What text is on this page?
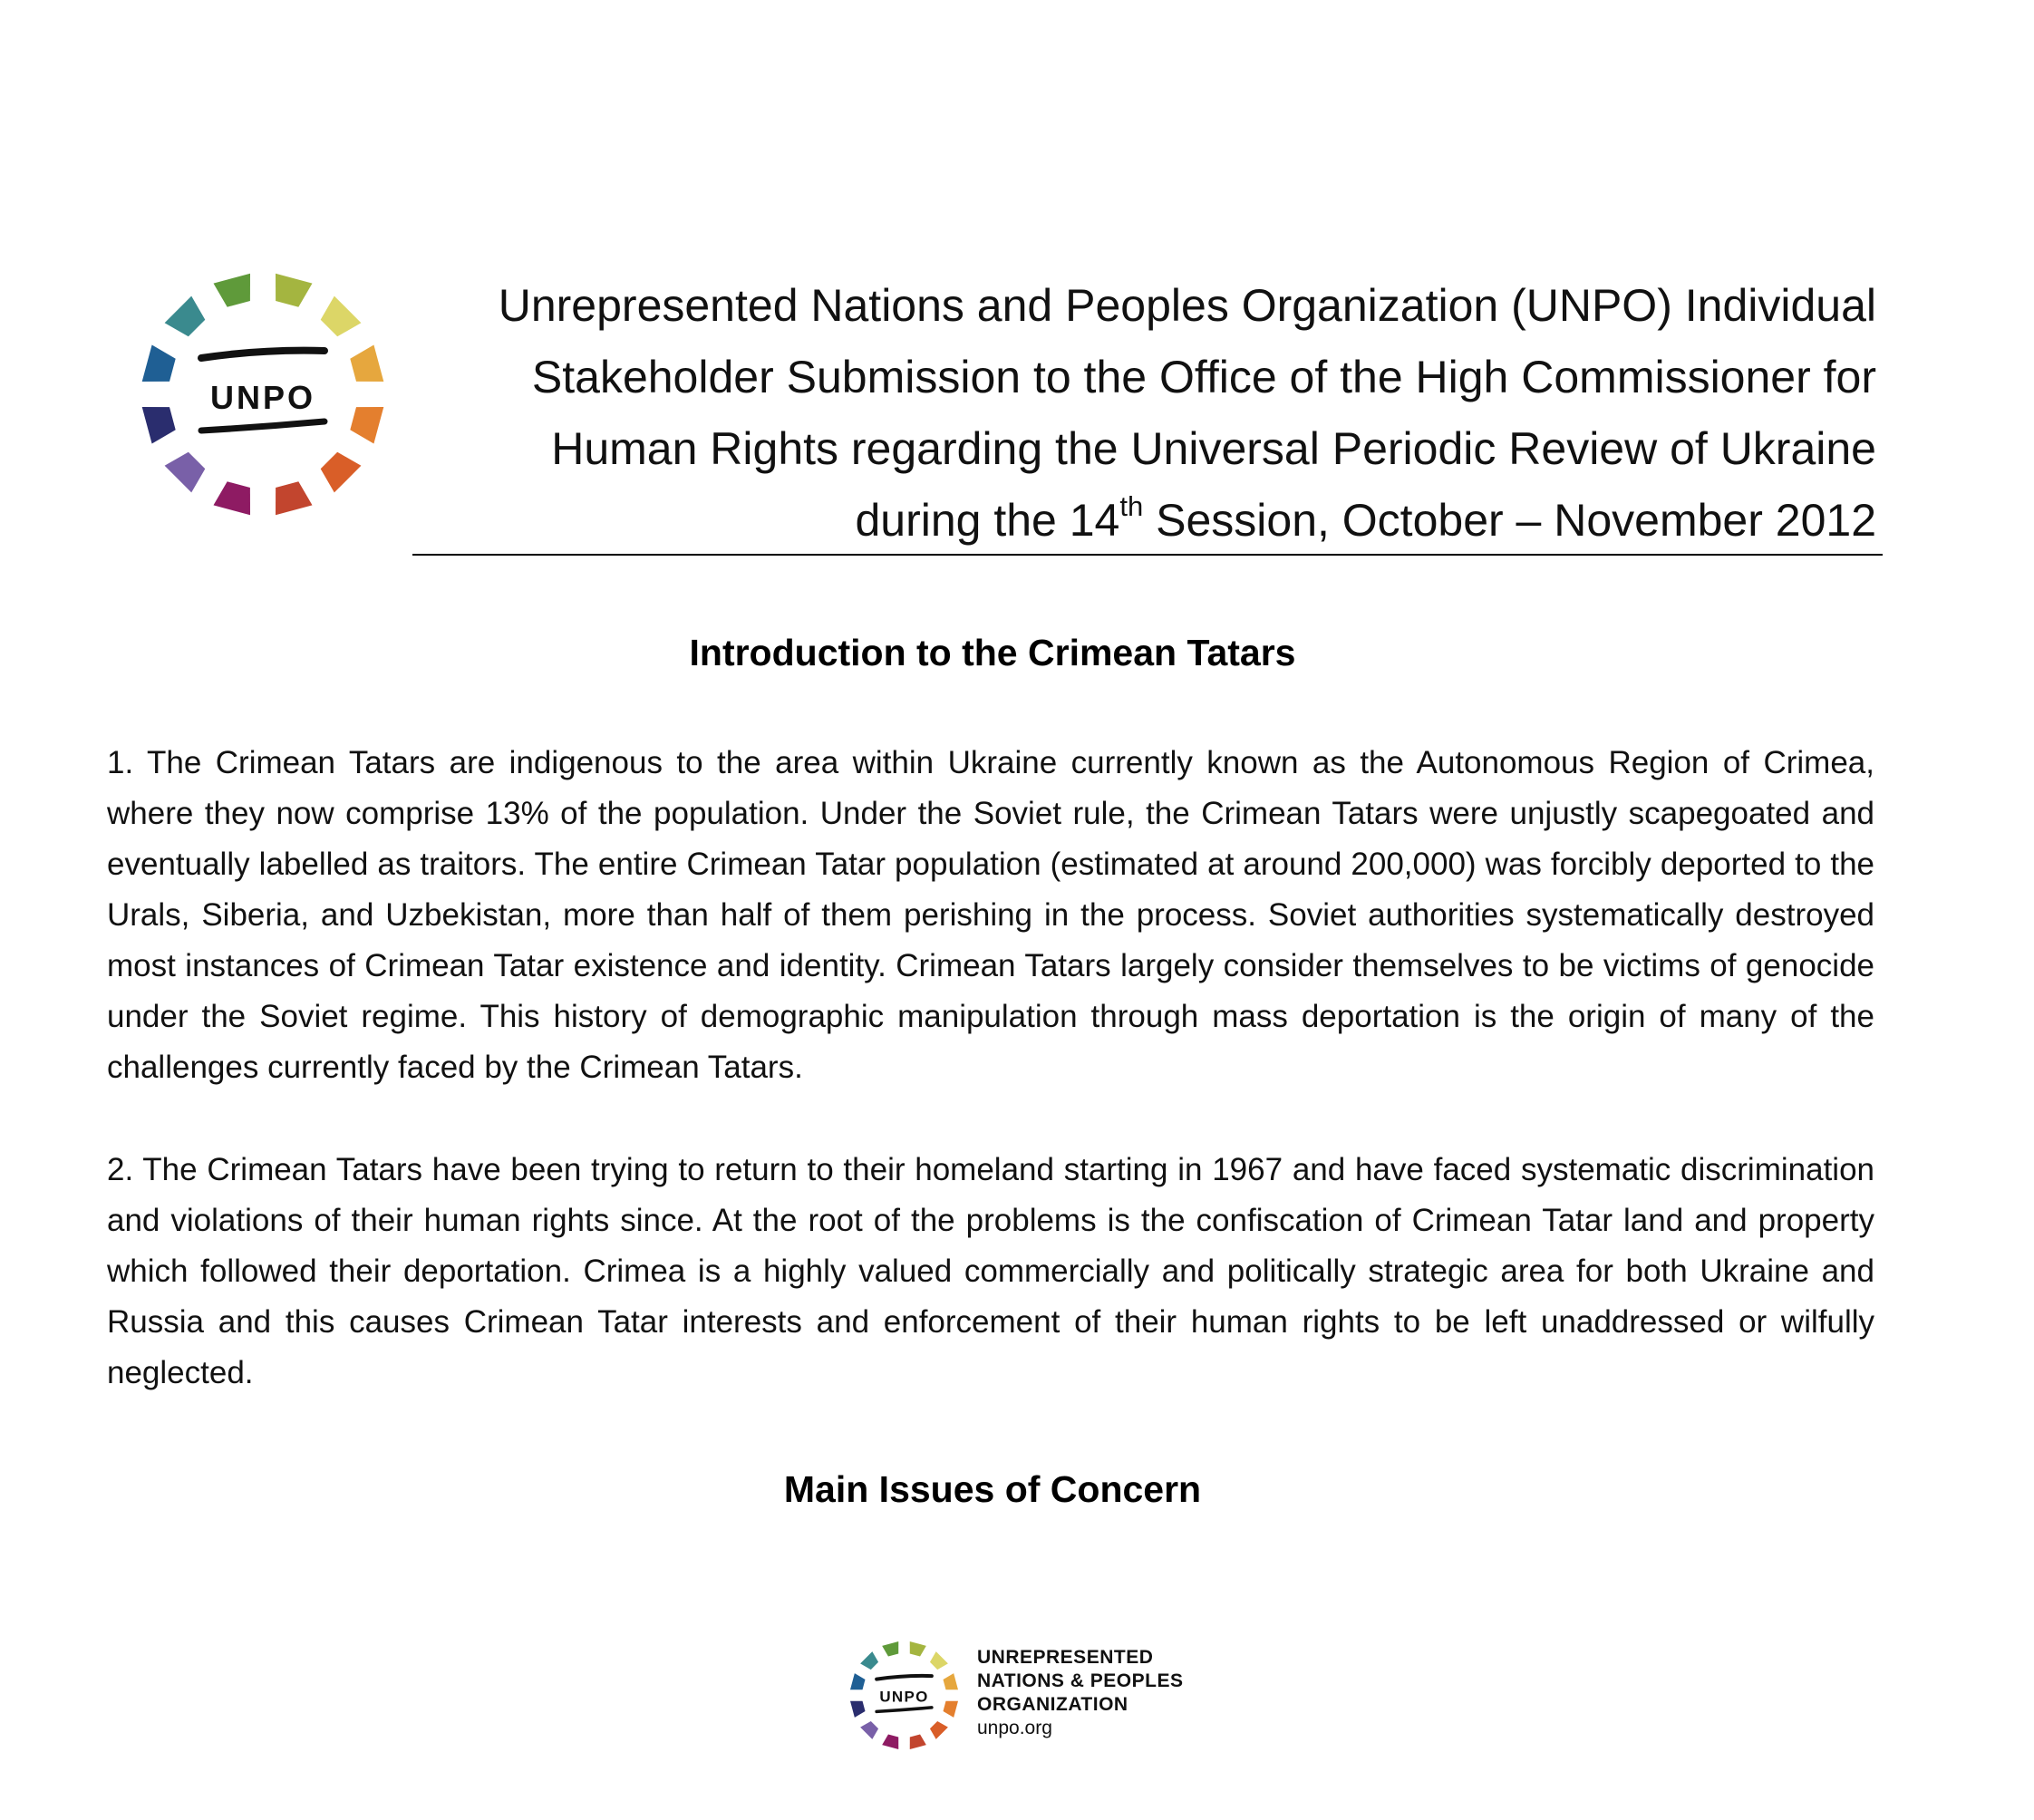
UNPO
Unrepresented Nations and Peoples Organization (UNPO) Individual
Stakeholder Submission to the Office of the High Commissioner for
Human Rights regarding the Universal Periodic Review of Ukraine
during the 14th Session, October – November 2012
Introduction to the Crimean Tatars

1. The Crimean Tatars are indigenous to the area within Ukraine currently known as the Autonomous Region of Crimea, where they now comprise 13% of the population. Under the Soviet rule, the Crimean Tatars were unjustly scapegoated and eventually labelled as traitors. The entire Crimean Tatar population (estimated at around 200,000) was forcibly deported to the Urals, Siberia, and Uzbekistan, more than half of them perishing in the process. Soviet authorities systematically destroyed most instances of Crimean Tatar existence and identity. Crimean Tatars largely consider themselves to be victims of genocide under the Soviet regime. This history of demographic manipulation through mass deportation is the origin of many of the challenges currently faced by the Crimean Tatars.

2. The Crimean Tatars have been trying to return to their homeland starting in 1967 and have faced systematic discrimination and violations of their human rights since. At the root of the problems is the confiscation of Crimean Tatar land and property which followed their deportation. Crimea is a highly valued commercially and politically strategic area for both Ukraine and Russia and this causes Crimean Tatar interests and enforcement of their human rights to be left unaddressed or wilfully neglected.

Main Issues of Concern
UNPO
UNREPRESENTED
NATIONS & PEOPLES
ORGANIZATION
unpo.org
